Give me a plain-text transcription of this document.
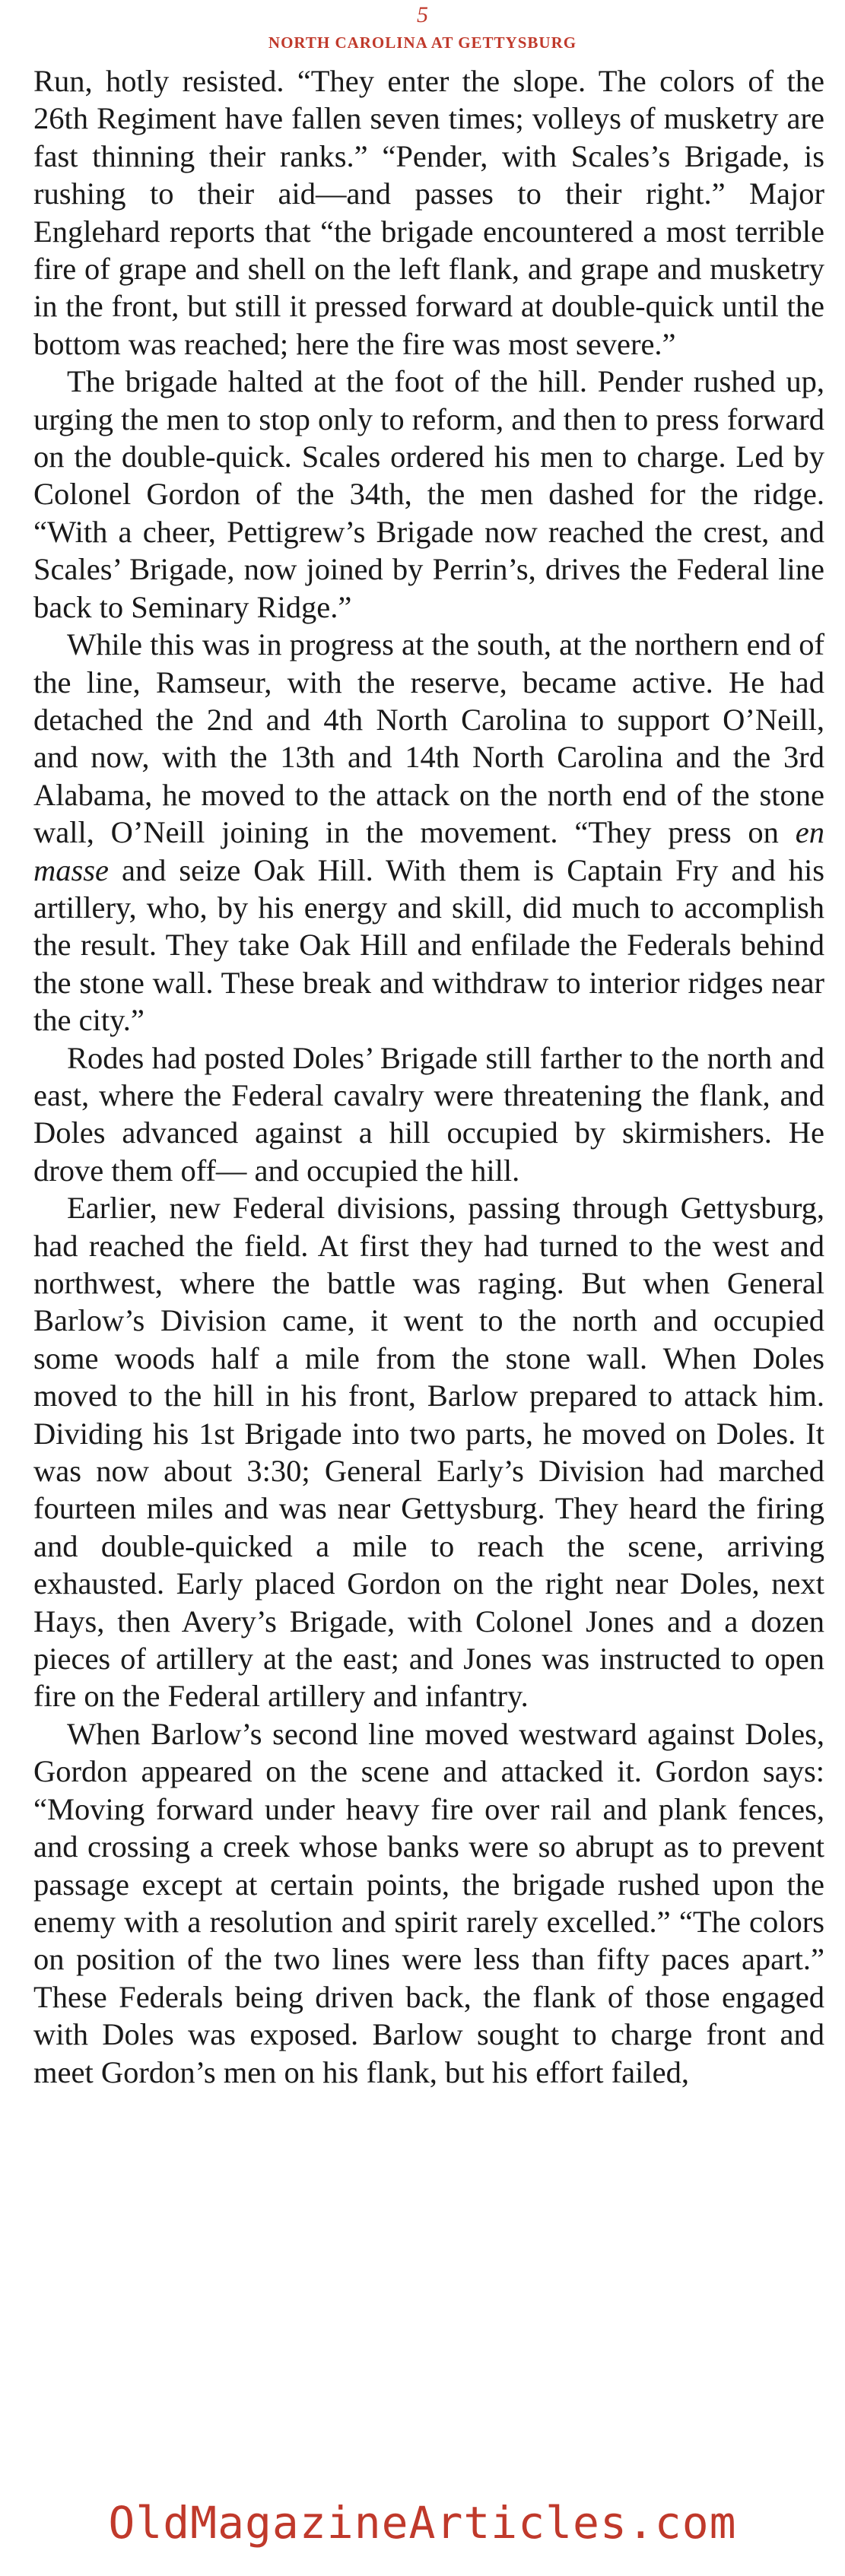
5
NORTH CAROLINA AT GETTYSBURG

Run, hotly resisted. “They enter the slope. The colors of the 26th Regiment have fallen seven times; volleys of musketry are fast thinning their ranks.” “Pender, with Scales’s Brigade, is rushing to their aid—and passes to their right.” Major Englehard reports that “the brigade encountered a most terrible fire of grape and shell on the left flank, and grape and musketry in the front, but still it pressed forward at double-quick until the bottom was reached; here the fire was most severe.”

The brigade halted at the foot of the hill. Pender rushed up, urging the men to stop only to reform, and then to press forward on the double-quick. Scales ordered his men to charge. Led by Colonel Gordon of the 34th, the men dashed for the ridge. “With a cheer, Pettigrew’s Brigade now reached the crest, and Scales’ Brigade, now joined by Perrin’s, drives the Federal line back to Seminary Ridge.”

While this was in progress at the south, at the northern end of the line, Ramseur, with the reserve, became active. He had detached the 2nd and 4th North Carolina to support O’Neill, and now, with the 13th and 14th North Carolina and the 3rd Alabama, he moved to the attack on the north end of the stone wall, O’Neill joining in the movement. “They press on en masse and seize Oak Hill. With them is Captain Fry and his artillery, who, by his energy and skill, did much to accomplish the result. They take Oak Hill and enfilade the Federals behind the stone wall. These break and withdraw to interior ridges near the city.”

Rodes had posted Doles’ Brigade still farther to the north and east, where the Federal cavalry were threatening the flank, and Doles advanced against a hill occupied by skirmishers. He drove them off— and occupied the hill.

Earlier, new Federal divisions, passing through Gettysburg, had reached the field. At first they had turned to the west and northwest, where the battle was raging. But when General Barlow’s Division came, it went to the north and occupied some woods half a mile from the stone wall. When Doles moved to the hill in his front, Barlow prepared to attack him. Dividing his 1st Brigade into two parts, he moved on Doles. It was now about 3:30; General Early’s Division had marched fourteen miles and was near Gettysburg. They heard the firing and double-quicked a mile to reach the scene, arriving exhausted. Early placed Gordon on the right near Doles, next Hays, then Avery’s Brigade, with Colonel Jones and a dozen pieces of artillery at the east; and Jones was instructed to open fire on the Federal artillery and infantry.

When Barlow’s second line moved westward against Doles, Gordon appeared on the scene and attacked it. Gordon says: “Moving forward under heavy fire over rail and plank fences, and crossing a creek whose banks were so abrupt as to prevent passage except at certain points, the brigade rushed upon the enemy with a resolution and spirit rarely excelled.” “The colors on position of the two lines were less than fifty paces apart.” These Federals being driven back, the flank of those engaged with Doles was exposed. Barlow sought to charge front and meet Gordon’s men on his flank, but his effort failed,

OldMagazineArticles.com
